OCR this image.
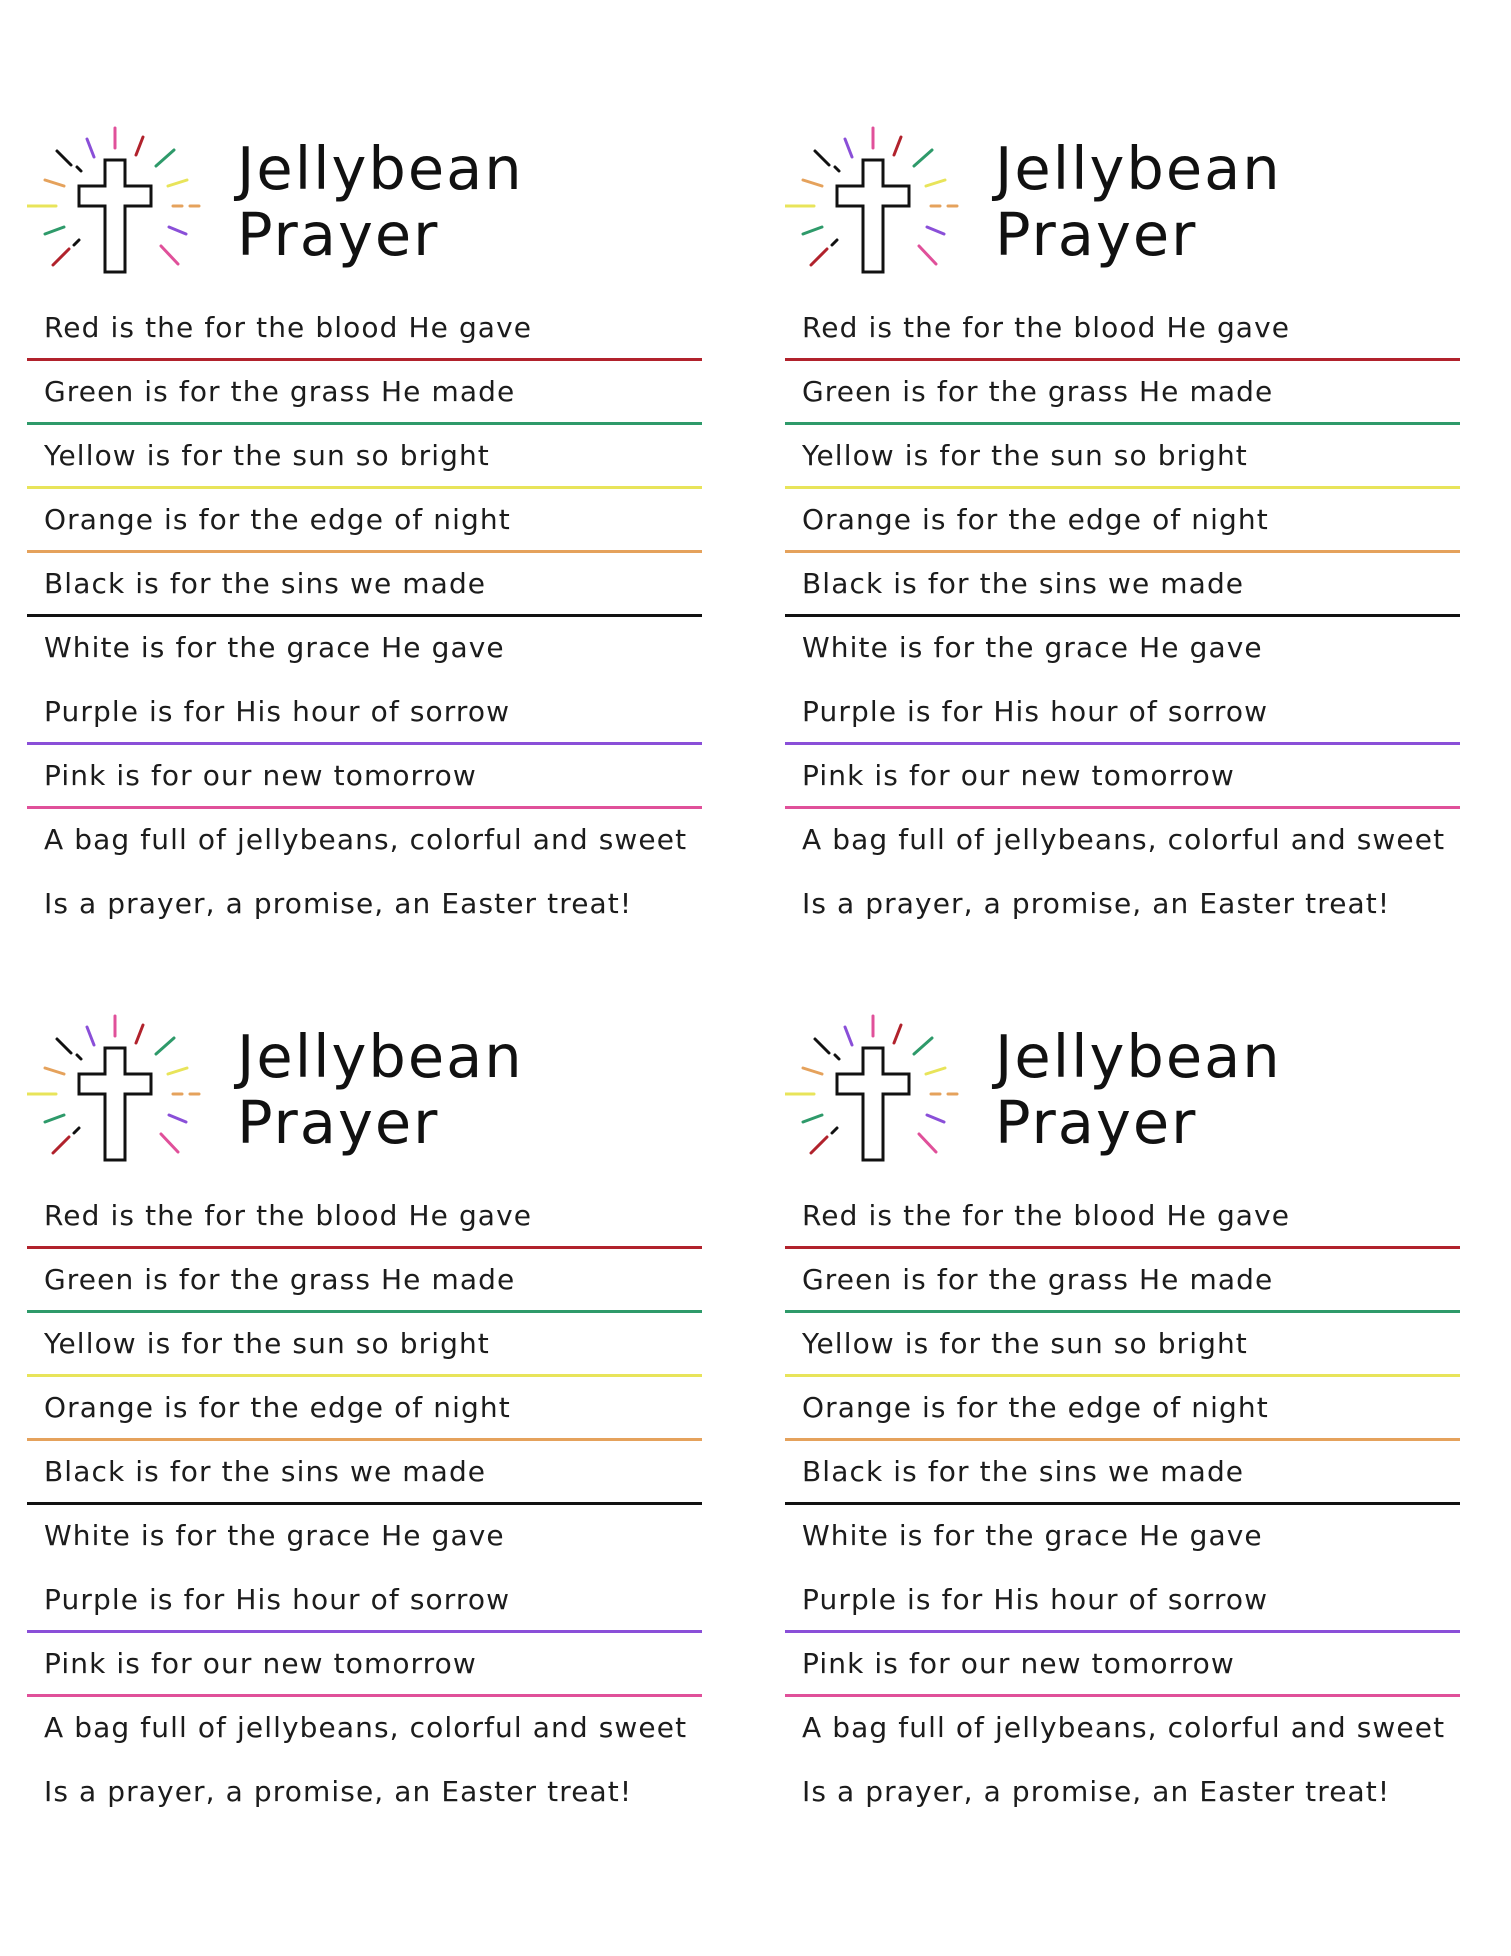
Jellybean
Prayer
Red is the for the blood He gave
Green is for the grass He made
Yellow is for the sun so bright
Orange is for the edge of night
Black is for the sins we made
White is for the grace He gave
Purple is for His hour of sorrow
Pink is for our new tomorrow
A bag full of jellybeans, colorful and sweet
Is a prayer, a promise, an Easter treat!
Jellybean
Prayer
Red is the for the blood He gave
Green is for the grass He made
Yellow is for the sun so bright
Orange is for the edge of night
Black is for the sins we made
White is for the grace He gave
Purple is for His hour of sorrow
Pink is for our new tomorrow
A bag full of jellybeans, colorful and sweet
Is a prayer, a promise, an Easter treat!
Jellybean
Prayer
Red is the for the blood He gave
Green is for the grass He made
Yellow is for the sun so bright
Orange is for the edge of night
Black is for the sins we made
White is for the grace He gave
Purple is for His hour of sorrow
Pink is for our new tomorrow
A bag full of jellybeans, colorful and sweet
Is a prayer, a promise, an Easter treat!
Jellybean
Prayer
Red is the for the blood He gave
Green is for the grass He made
Yellow is for the sun so bright
Orange is for the edge of night
Black is for the sins we made
White is for the grace He gave
Purple is for His hour of sorrow
Pink is for our new tomorrow
A bag full of jellybeans, colorful and sweet
Is a prayer, a promise, an Easter treat!
